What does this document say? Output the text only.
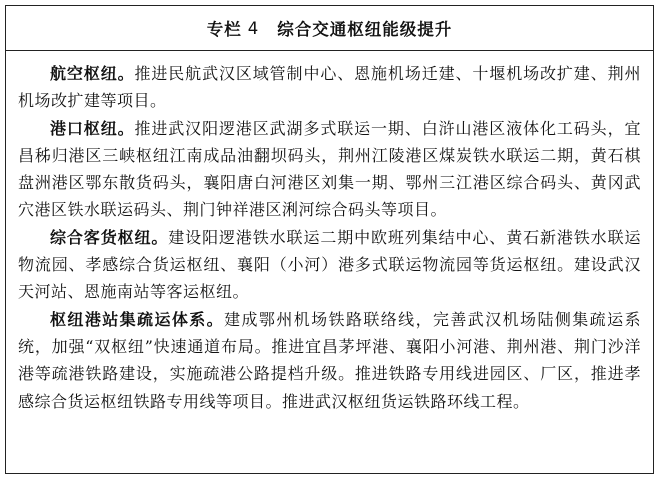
专栏 4 综合交通枢纽能级提升

航空枢纽。推进民航武汉区域管制中心、恩施机场迁建、十堰机场改扩建、荆州机场改扩建等项目。

港口枢纽。推进武汉阳逻港区武湖多式联运一期、白浒山港区液体化工码头，宜昌秭归港区三峡枢纽江南成品油翻坝码头，荆州江陵港区煤炭铁水联运二期，黄石棋盘洲港区鄂东散货码头，襄阳唐白河港区刘集一期、鄂州三江港区综合码头、黄冈武穴港区铁水联运码头、荆门钟祥港区浰河综合码头等项目。

综合客货枢纽。建设阳逻港铁水联运二期中欧班列集结中心、黄石新港铁水联运物流园、孝感综合货运枢纽、襄阳（小河）港多式联运物流园等货运枢纽。建设武汉天河站、恩施南站等客运枢纽。

枢纽港站集疏运体系。建成鄂州机场铁路联络线，完善武汉机场陆侧集疏运系统，加强“双枢纽”快速通道布局。推进宜昌茅坪港、襄阳小河港、荆州港、荆门沙洋港等疏港铁路建设，实施疏港公路提档升级。推进铁路专用线进园区、厂区，推进孝感综合货运枢纽铁路专用线等项目。推进武汉枢纽货运铁路环线工程。
